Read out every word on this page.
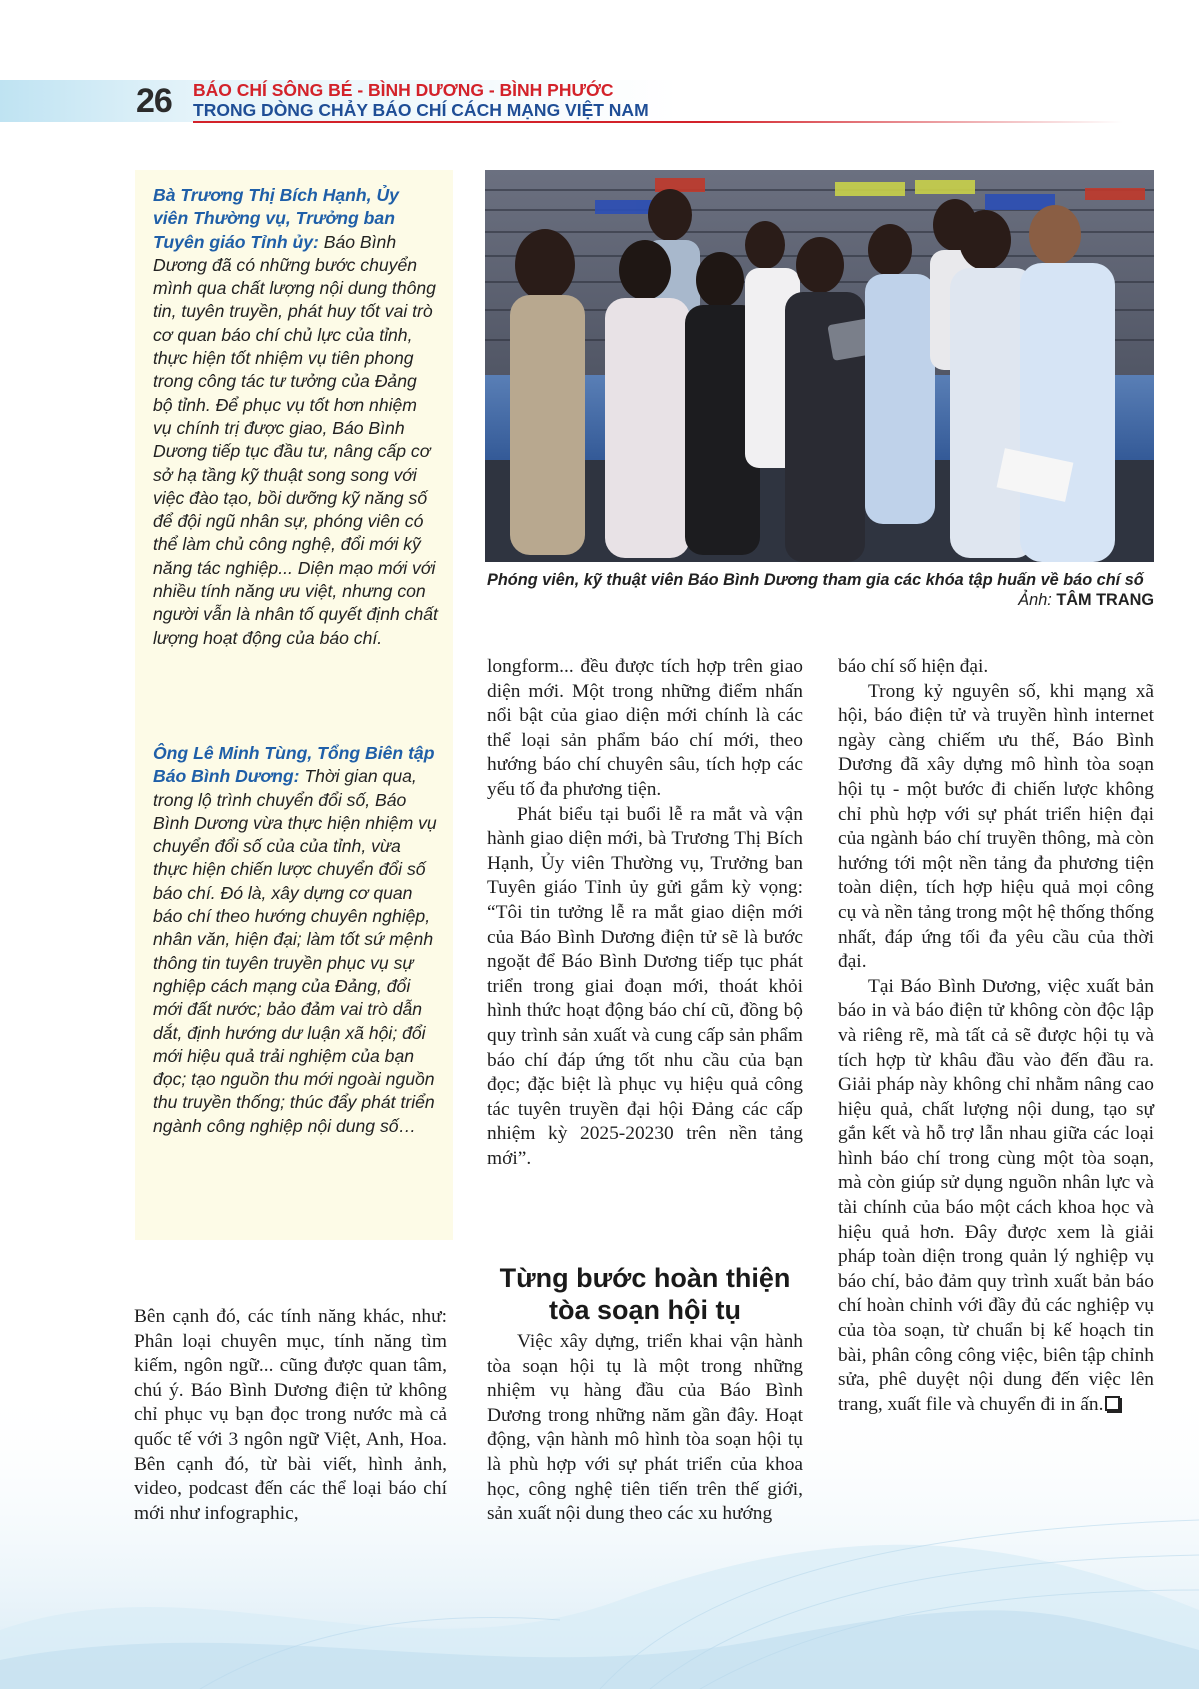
26 BÁO CHÍ SÔNG BÉ - BÌNH DƯƠNG - BÌNH PHƯỚC
TRONG DÒNG CHẢY BÁO CHÍ CÁCH MẠNG VIỆT NAM
Bà Trương Thị Bích Hạnh, Ủy viên Thường vụ, Trưởng ban Tuyên giáo Tỉnh ủy: Báo Bình Dương đã có những bước chuyển mình qua chất lượng nội dung thông tin, tuyên truyền, phát huy tốt vai trò cơ quan báo chí chủ lực của tỉnh, thực hiện tốt nhiệm vụ tiên phong trong công tác tư tưởng của Đảng bộ tỉnh. Để phục vụ tốt hơn nhiệm vụ chính trị được giao, Báo Bình Dương tiếp tục đầu tư, nâng cấp cơ sở hạ tầng kỹ thuật song song với việc đào tạo, bồi dưỡng kỹ năng số để đội ngũ nhân sự, phóng viên có thể làm chủ công nghệ, đổi mới kỹ năng tác nghiệp... Diện mạo mới với nhiều tính năng ưu việt, nhưng con người vẫn là nhân tố quyết định chất lượng hoạt động của báo chí.
Ông Lê Minh Tùng, Tổng Biên tập Báo Bình Dương: Thời gian qua, trong lộ trình chuyển đổi số, Báo Bình Dương vừa thực hiện nhiệm vụ chuyển đổi số của của tỉnh, vừa thực hiện chiến lược chuyển đổi số báo chí. Đó là, xây dựng cơ quan báo chí theo hướng chuyên nghiệp, nhân văn, hiện đại; làm tốt sứ mệnh thông tin tuyên truyền phục vụ sự nghiệp cách mạng của Đảng, đổi mới đất nước; bảo đảm vai trò dẫn dắt, định hướng dư luận xã hội; đổi mới hiệu quả trải nghiệm của bạn đọc; tạo nguồn thu mới ngoài nguồn thu truyền thống; thúc đẩy phát triển ngành công nghiệp nội dung số…
Phóng viên, kỹ thuật viên Báo Bình Dương tham gia các khóa tập huấn về báo chí số
Ảnh: TÂM TRANG

Bên cạnh đó, các tính năng khác, như: Phân loại chuyên mục, tính năng tìm kiếm, ngôn ngữ... cũng được quan tâm, chú ý. Báo Bình Dương điện tử không chỉ phục vụ bạn đọc trong nước mà cả quốc tế với 3 ngôn ngữ Việt, Anh, Hoa. Bên cạnh đó, từ bài viết, hình ảnh, video, podcast đến các thể loại báo chí mới như infographic,

longform... đều được tích hợp trên giao diện mới. Một trong những điểm nhấn nổi bật của giao diện mới chính là các thể loại sản phẩm báo chí mới, theo hướng báo chí chuyên sâu, tích hợp các yếu tố đa phương tiện.

Phát biểu tại buổi lễ ra mắt và vận hành giao diện mới, bà Trương Thị Bích Hạnh, Ủy viên Thường vụ, Trưởng ban Tuyên giáo Tỉnh ủy gửi gắm kỳ vọng: “Tôi tin tưởng lễ ra mắt giao diện mới của Báo Bình Dương điện tử sẽ là bước ngoặt để Báo Bình Dương tiếp tục phát triển trong giai đoạn mới, thoát khỏi hình thức hoạt động báo chí cũ, đồng bộ quy trình sản xuất và cung cấp sản phẩm báo chí đáp ứng tốt nhu cầu của bạn đọc; đặc biệt là phục vụ hiệu quả công tác tuyên truyền đại hội Đảng các cấp nhiệm kỳ 2025-20230 trên nền tảng mới”.

Từng bước hoàn thiện tòa soạn hội tụ

Việc xây dựng, triển khai vận hành tòa soạn hội tụ là một trong những nhiệm vụ hàng đầu của Báo Bình Dương trong những năm gần đây. Hoạt động, vận hành mô hình tòa soạn hội tụ là phù hợp với sự phát triển của khoa học, công nghệ tiên tiến trên thế giới, sản xuất nội dung theo các xu hướng

báo chí số hiện đại.

Trong kỷ nguyên số, khi mạng xã hội, báo điện tử và truyền hình internet ngày càng chiếm ưu thế, Báo Bình Dương đã xây dựng mô hình tòa soạn hội tụ - một bước đi chiến lược không chỉ phù hợp với sự phát triển hiện đại của ngành báo chí truyền thông, mà còn hướng tới một nền tảng đa phương tiện toàn diện, tích hợp hiệu quả mọi công cụ và nền tảng trong một hệ thống thống nhất, đáp ứng tối đa yêu cầu của thời đại.

Tại Báo Bình Dương, việc xuất bản báo in và báo điện tử không còn độc lập và riêng rẽ, mà tất cả sẽ được hội tụ và tích hợp từ khâu đầu vào đến đầu ra. Giải pháp này không chỉ nhằm nâng cao hiệu quả, chất lượng nội dung, tạo sự gắn kết và hỗ trợ lẫn nhau giữa các loại hình báo chí trong cùng một tòa soạn, mà còn giúp sử dụng nguồn nhân lực và tài chính của báo một cách khoa học và hiệu quả hơn. Đây được xem là giải pháp toàn diện trong quản lý nghiệp vụ báo chí, bảo đảm quy trình xuất bản báo chí hoàn chỉnh với đầy đủ các nghiệp vụ của tòa soạn, từ chuẩn bị kế hoạch tin bài, phân công công việc, biên tập chỉnh sửa, phê duyệt nội dung đến việc lên trang, xuất file và chuyển đi in ấn.
